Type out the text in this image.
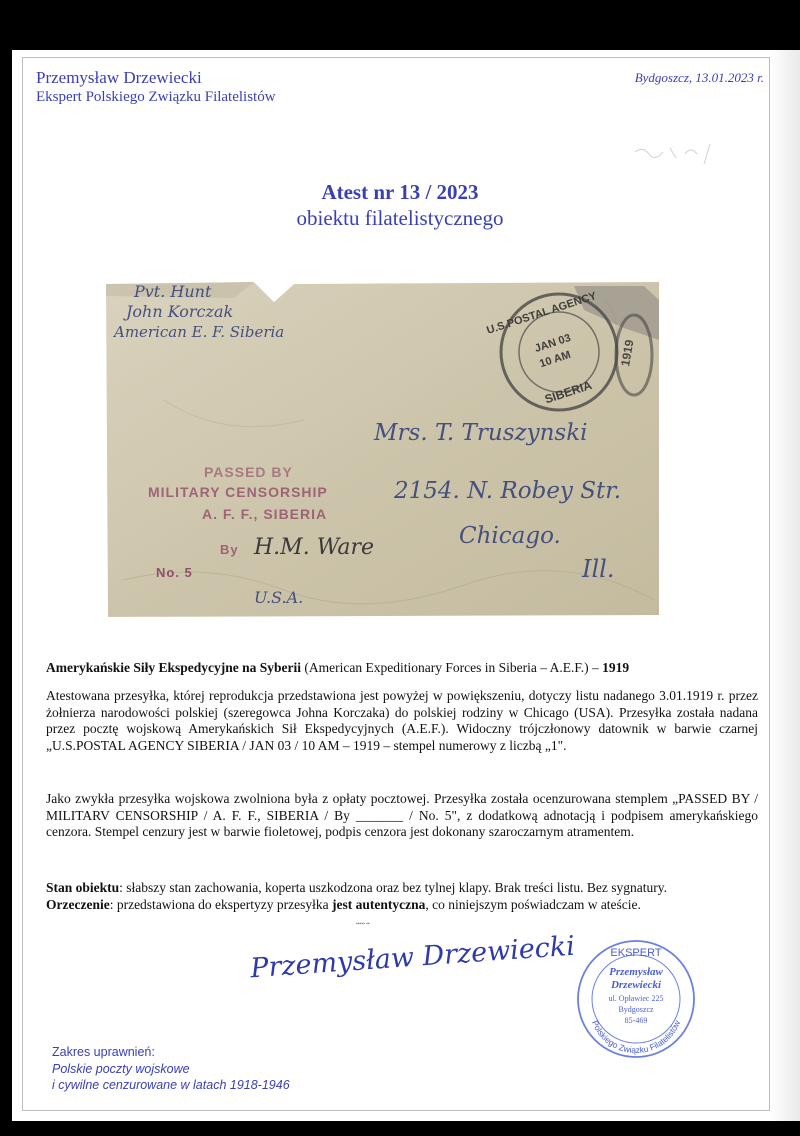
Przemysław Drzewiecki
Ekspert Polskiego Związku Filatelistów
Bydgoszcz, 13.01.2023 r.
Atest nr 13 / 2023
obiektu filatelistycznego
Pvt. Hunt
John Korczak
American E. F. Siberia	U.S.POSTAL AGENCY
JAN 03
10 AM
SIBERIA
1919
Mrs. T. Truszynski
2154. N. Robey Str.
Chicago.
Ill.
PASSED BY
MILITARY CENSORSHIP
A. F. F., SIBERIA
By
No. 5
H.M. Ware
U.S.A.
Amerykańskie Siły Ekspedycyjne na Syberii (American Expeditionary Forces in Siberia – A.E.F.) – 1919
Atestowana przesyłka, której reprodukcja przedstawiona jest powyżej w powiększeniu, dotyczy listu nadanego 3.01.1919 r. przez żołnierza narodowości polskiej (szeregowca Johna Korczaka) do polskiej rodziny w Chicago (USA). Przesyłka została nadana przez pocztę wojskową Amerykańskich Sił Ekspedycyjnych (A.E.F.). Widoczny trójczłonowy datownik w barwie czarnej „U.S.POSTAL AGENCY SIBERIA / JAN 03 / 10 AM – 1919 – stempel numerowy z liczbą „1".
Jako zwykła przesyłka wojskowa zwolniona była z opłaty pocztowej. Przesyłka została ocenzurowana stemplem „PASSED BY / MILITARV CENSORSHIP / A. F. F., SIBERIA / By _______ / No. 5", z dodatkową adnotacją i podpisem amerykańskiego cenzora. Stempel cenzury jest w barwie fioletowej, podpis cenzora jest dokonany szaroczarnym atramentem.
Stan obiektu: słabszy stan zachowania, koperta uszkodzona oraz bez tylnej klapy. Brak treści listu. Bez sygnatury.
Orzeczenie: przedstawiona do ekspertyzy przesyłka jest autentyczna, co niniejszym poświadczam w ateście.
▪▪▪▪▪ ▪▪
Przemysław Drzewiecki	EKSPERT
Przemysław
Drzewiecki
ul. Opławiec 225
Bydgoszcz
85-469
Polskiego Związku Filatelistów
Zakres uprawnień:
Polskie poczty wojskowe
i cywilne cenzurowane w latach 1918-1946
